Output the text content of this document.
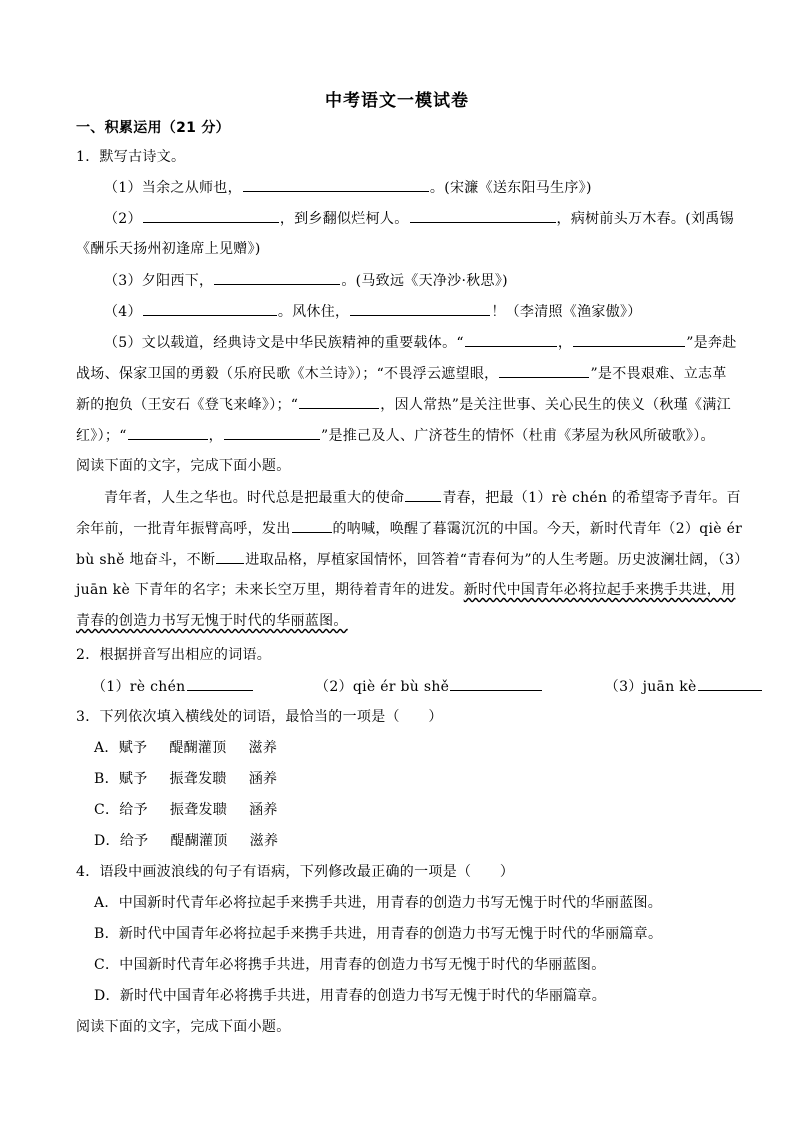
中考语文一模试卷
一、积累运用（21 分）
1．默写古诗文。
（1）当余之从师也，	。(宋濂《送东阳马生序》)
（2）	，到乡翻似烂柯人。	，病树前头万木春。(刘禹锡
《酬乐天扬州初逢席上见赠》)
（3）夕阳西下，	。(马致远《天净沙·秋思》)
（4）	。风休住，	！（李清照《渔家傲》）
（5）文以载道，经典诗文是中华民族精神的重要载体。“	，	”是奔赴
战场、保家卫国的勇毅（乐府民歌《木兰诗》）；“不畏浮云遮望眼，	”是不畏艰难、立志革
新的抱负（王安石《登飞来峰》）；“	，因人常热”是关注世事、关心民生的侠义（秋瑾《满江
红》）；“	，	”是推己及人、广济苍生的情怀（杜甫《茅屋为秋风所破歌》）。
阅读下面的文字，完成下面小题。
青年者，人生之华也。时代总是把最重大的使命	青春，把最（1）rè chén 的希望寄予青年。百
余年前，一批青年振臂高呼，发出	的呐喊，唤醒了暮霭沉沉的中国。今天，新时代青年（2）qiè ér
bù shě 地奋斗，不断 进取品格，厚植家国情怀，回答着“青春何为”的人生考题。历史波澜壮阔，（3）
juān kè 下青年的名字；未来长空万里，期待着青年的进发。新时代中国青年必将拉起手来携手共进，用
青春的创造力书写无愧于时代的华丽蓝图。
2．根据拼音写出相应的词语。
（1）rè chén	（2）qiè ér bù shě	（3）juān kè
3．下列依次填入横线处的词语，最恰当的一项是（　　）
A．赋予 醍醐灌顶 滋养
B．赋予 振聋发聩 涵养
C．给予 振聋发聩 涵养
D．给予 醍醐灌顶 滋养
4．语段中画波浪线的句子有语病，下列修改最正确的一项是（　　）
A．中国新时代青年必将拉起手来携手共进，用青春的创造力书写无愧于时代的华丽蓝图。
B．新时代中国青年必将拉起手来携手共进，用青春的创造力书写无愧于时代的华丽篇章。
C．中国新时代青年必将携手共进，用青春的创造力书写无愧于时代的华丽蓝图。
D．新时代中国青年必将携手共进，用青春的创造力书写无愧于时代的华丽篇章。
阅读下面的文字，完成下面小题。
